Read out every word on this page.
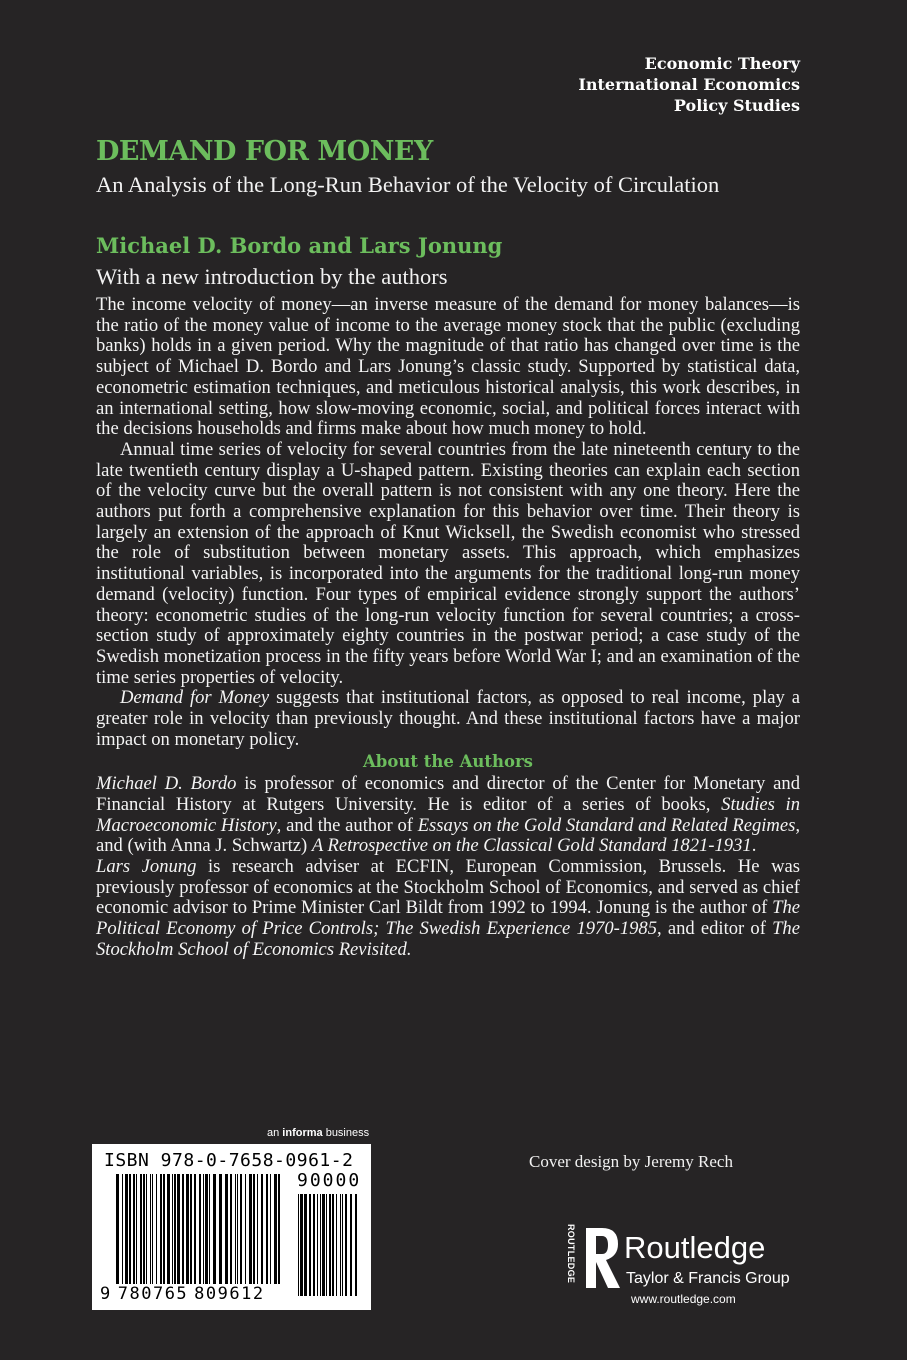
Economic Theory
International Economics
Policy Studies
DEMAND FOR MONEY
An Analysis of the Long-Run Behavior of the Velocity of Circulation
Michael D. Bordo and Lars Jonung
With a new introduction by the authors

The income velocity of money—an inverse measure of the demand for money balances—is the ratio of the money value of income to the average money stock that the public (excluding banks) holds in a given period. Why the magnitude of that ratio has changed over time is the subject of Michael D. Bordo and Lars Jonung’s classic study. Supported by statistical data, econometric estimation techniques, and meticulous historical analysis, this work describes, in an international setting, how slow-moving economic, social, and political forces interact with the decisions households and firms make about how much money to hold.

Annual time series of velocity for several countries from the late nineteenth century to the late twentieth century display a U-shaped pattern. Existing theories can explain each section of the velocity curve but the overall pattern is not consistent with any one theory. Here the authors put forth a comprehensive explanation for this behavior over time. Their theory is largely an extension of the approach of Knut Wicksell, the Swedish economist who stressed the role of substitution between monetary assets. This approach, which emphasizes institutional variables, is incorporated into the arguments for the traditional long-run money demand (velocity) function. Four types of empirical evidence strongly support the authors’ theory: econometric studies of the long-run velocity function for several countries; a cross-section study of approximately eighty countries in the postwar period; a case study of the Swedish monetization process in the fifty years before World War I; and an examination of the time series properties of velocity.

Demand for Money suggests that institutional factors, as opposed to real income, play a greater role in velocity than previously thought. And these institutional factors have a major impact on monetary policy.

About the Authors

Michael D. Bordo is professor of economics and director of the Center for Monetary and Financial History at Rutgers University. He is editor of a series of books, Studies in Macroeconomic History, and the author of Essays on the Gold Standard and Related Regimes, and (with Anna J. Schwartz) A Retrospective on the Classical Gold Standard 1821-1931.

Lars Jonung is research adviser at ECFIN, European Commission, Brussels. He was previously professor of economics at the Stockholm School of Economics, and served as chief economic advisor to Prime Minister Carl Bildt from 1992 to 1994. Jonung is the author of The Political Economy of Price Controls; The Swedish Experience 1970-1985, and editor of The Stockholm School of Economics Revisited.

an informa business
ISBN 978-0-7658-0961-2
90000
9 780765 809612
Cover design by Jeremy Rech
ROUTLEDGE Routledge
Taylor & Francis Group
www.routledge.com
